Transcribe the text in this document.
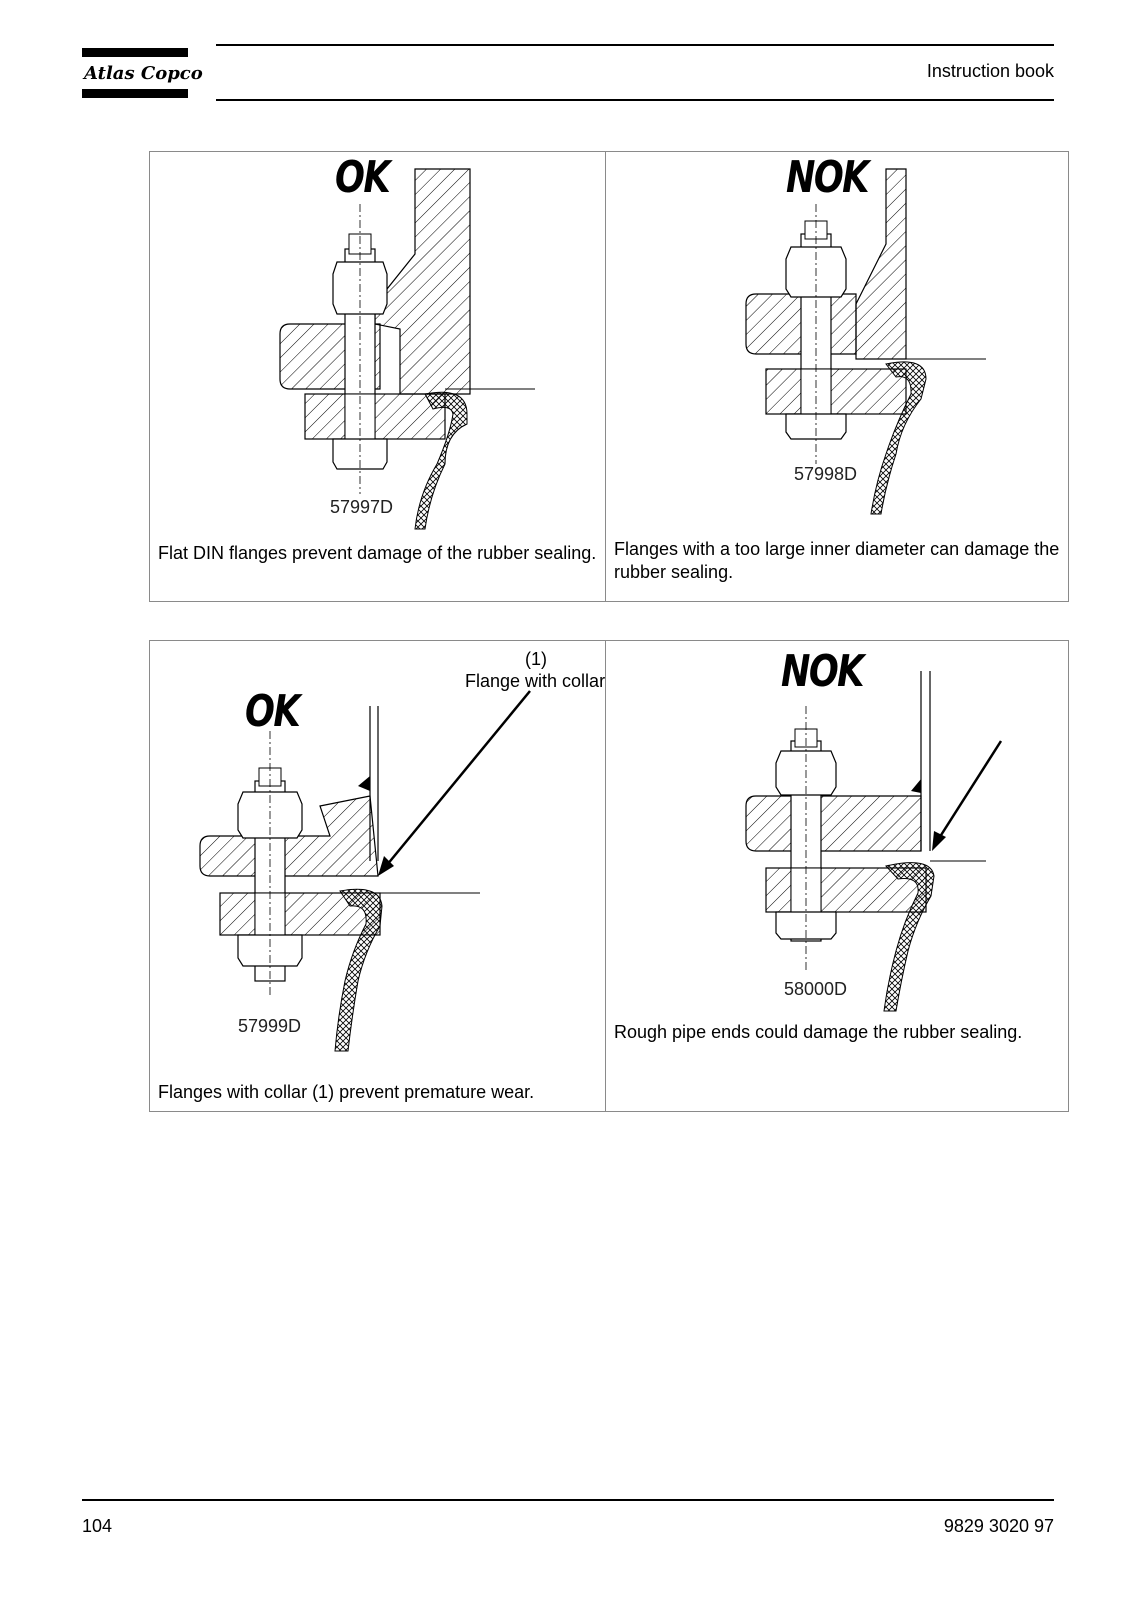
Atlas Copco	Instruction book
OK
57997D
Flat DIN flanges prevent damage of the rubber sealing.
NOK
57998D
Flanges with a too large inner diameter can damage the rubber sealing.
OK
(1)
Flange with collar
57999D
Flanges with collar (1) prevent premature wear.
NOK
58000D
Rough pipe ends could damage the rubber sealing.
104	9829 3020 97
